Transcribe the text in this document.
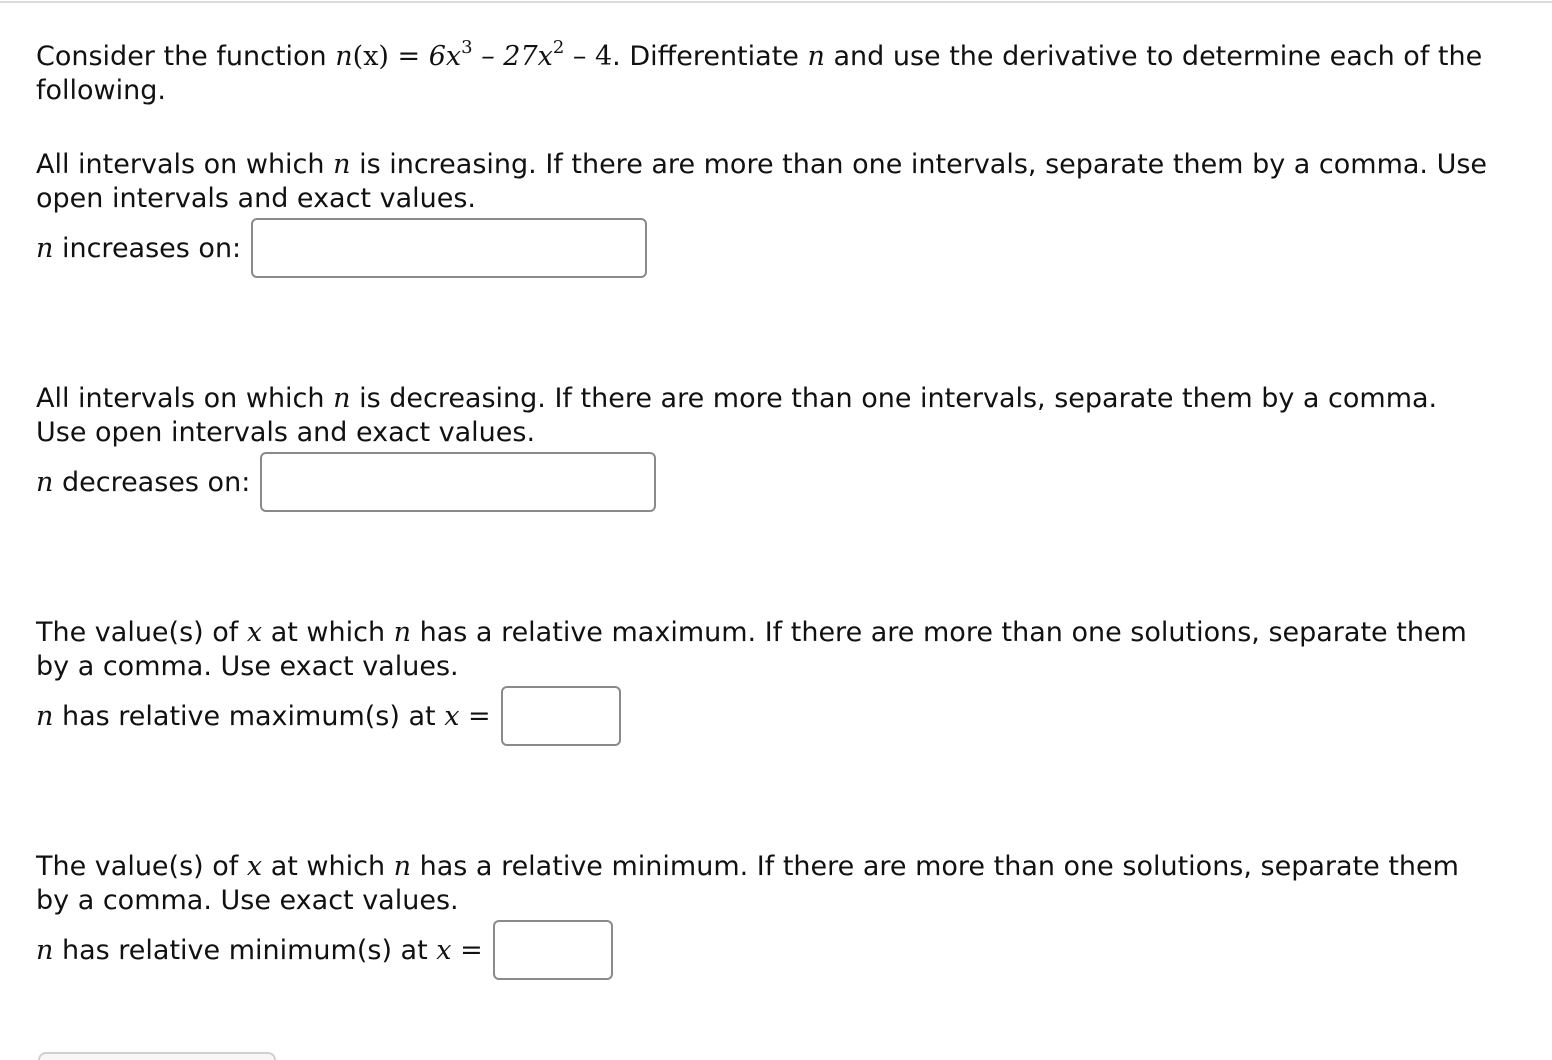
Consider the function $n(x) = 6x^3 - 27x^2 - 4$. Differentiate n and use the derivative to determine each of the following.

All intervals on which n is increasing. If there are more than one intervals, separate them by a comma. Use open intervals and exact values.

n increases on:

All intervals on which n is decreasing. If there are more than one intervals, separate them by a comma. Use open intervals and exact values.

n decreases on:

The value(s) of x at which n has a relative maximum. If there are more than one solutions, separate them by a comma. Use exact values.

n has relative maximum(s) at x =

The value(s) of x at which n has a relative minimum. If there are more than one solutions, separate them by a comma. Use exact values.

n has relative minimum(s) at x =
